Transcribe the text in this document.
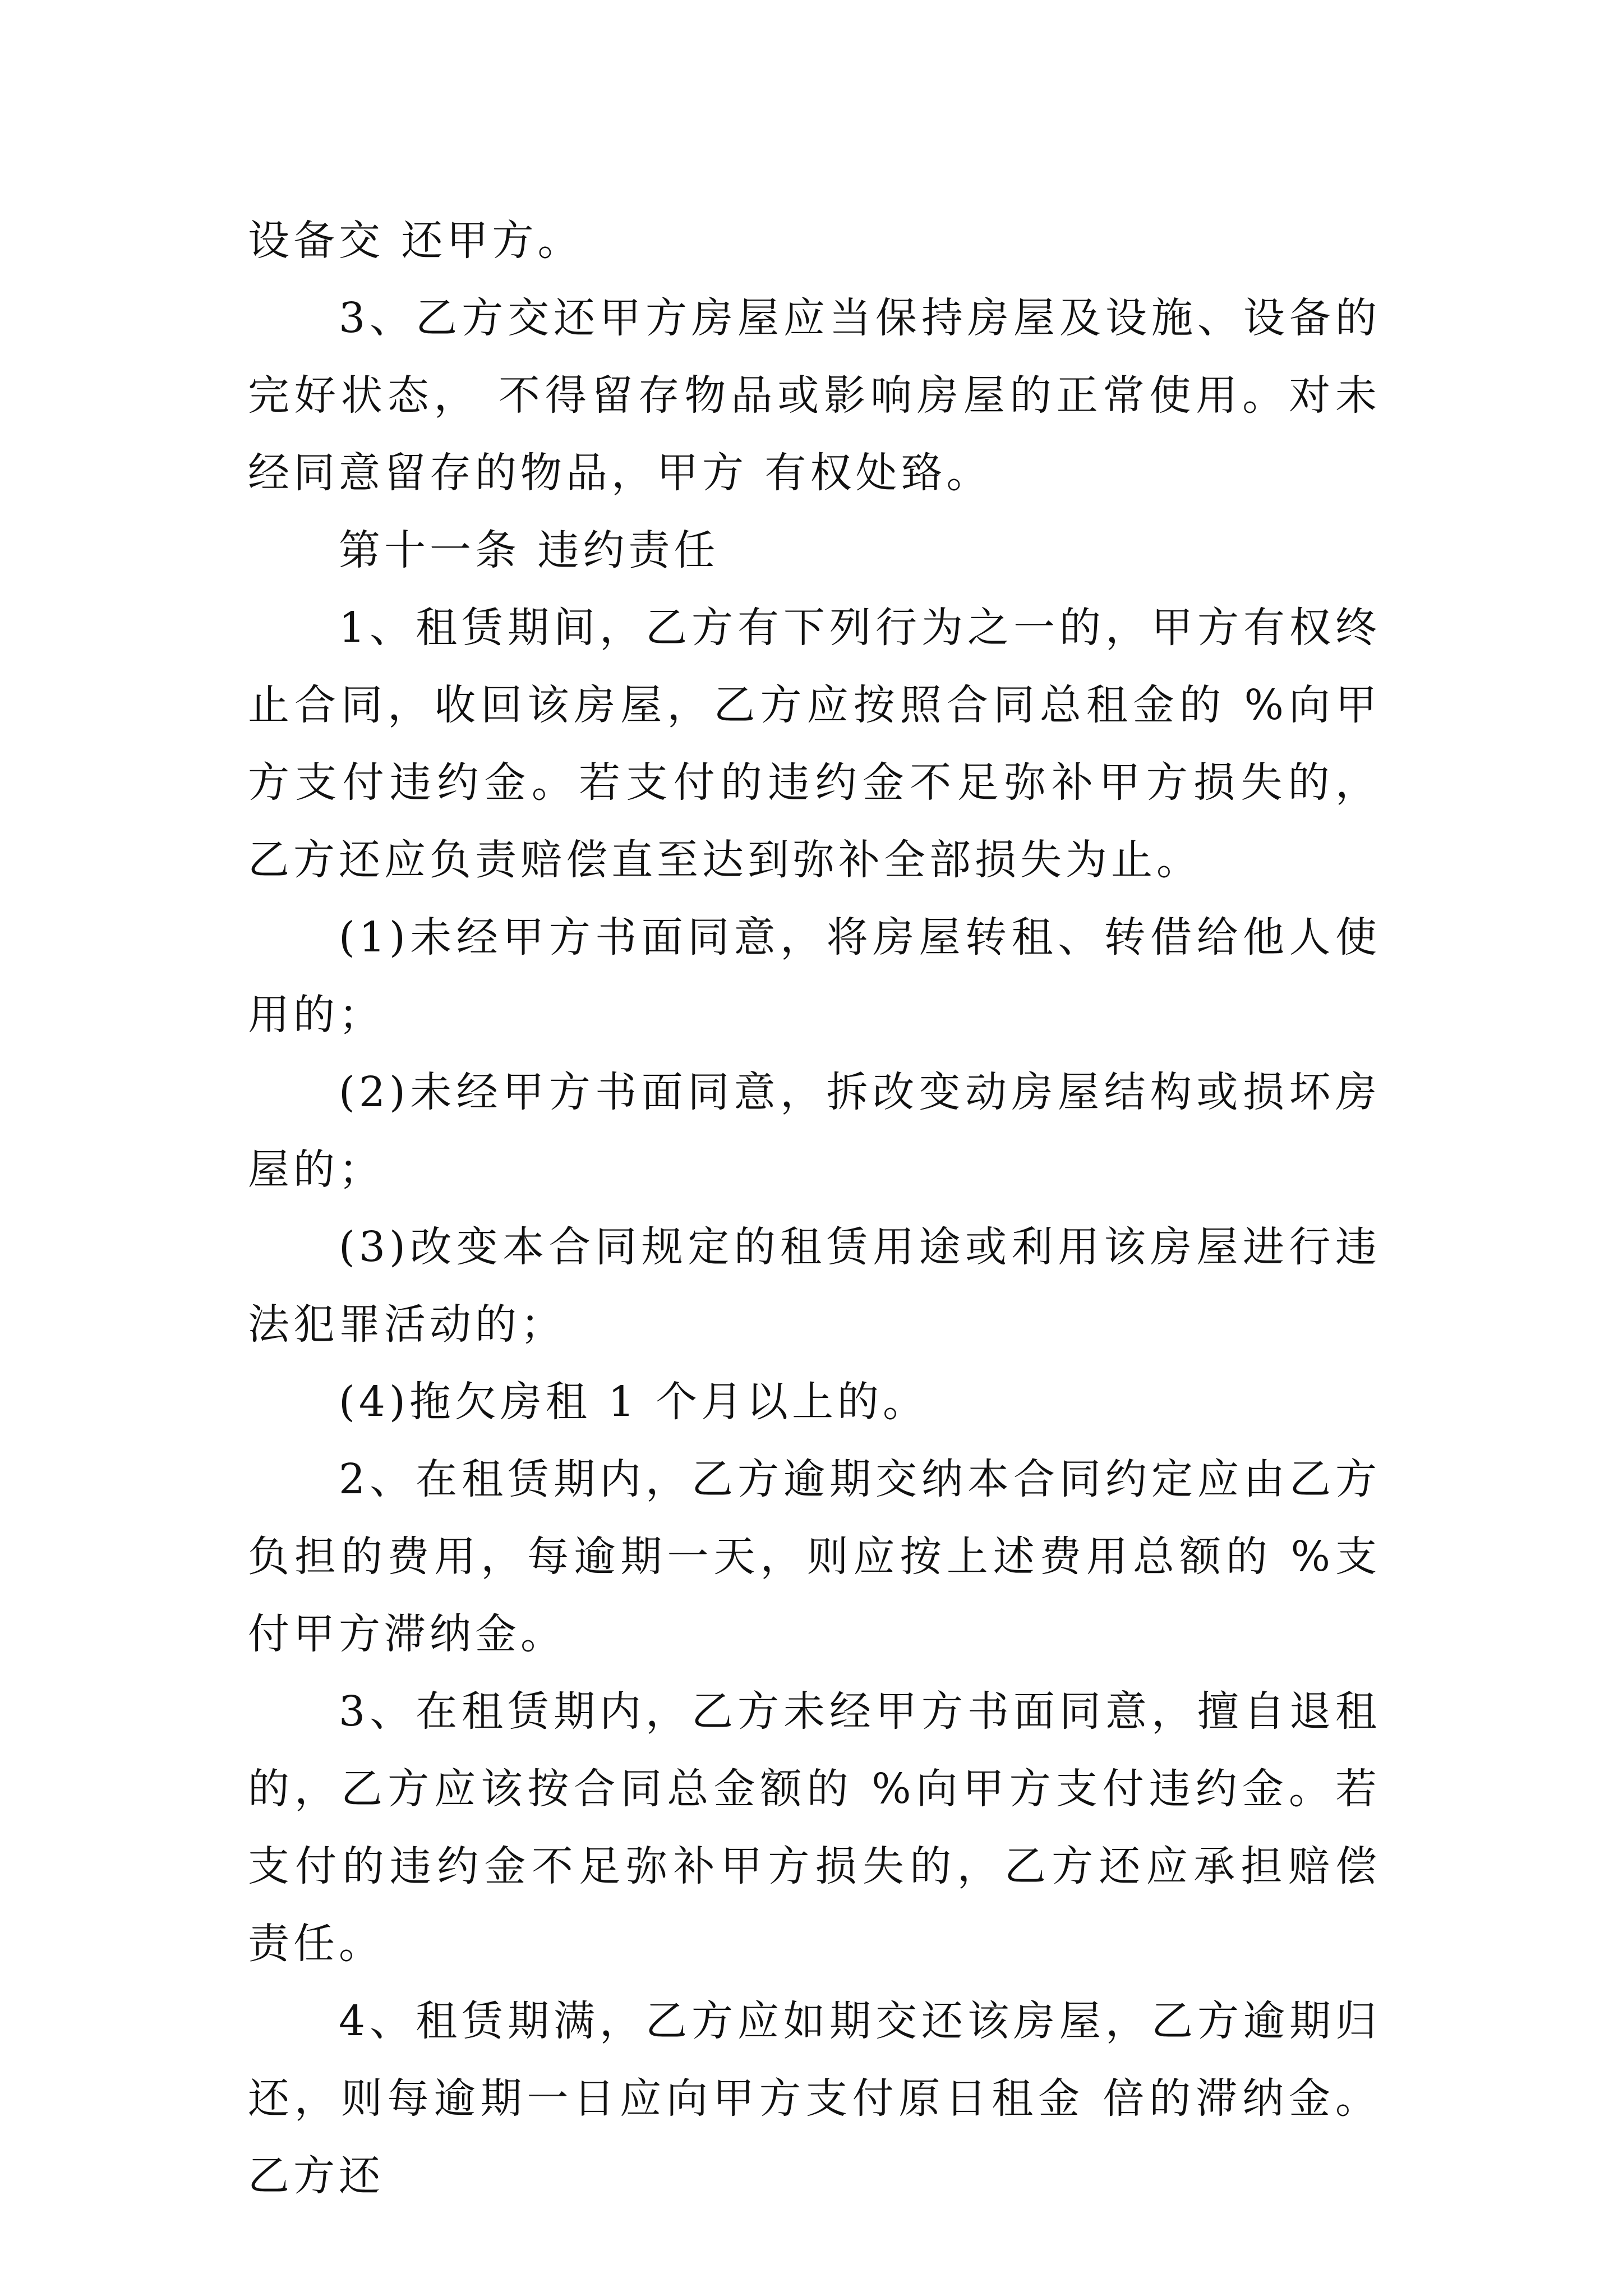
设备交 还甲方。

3、乙方交还甲方房屋应当保持房屋及设施、设备的完好状态， 不得留存物品或影响房屋的正常使用。对未经同意留存的物品，甲方 有权处臵。

第十一条 违约责任

1、租赁期间，乙方有下列行为之一的，甲方有权终止合同，收回该房屋，乙方应按照合同总租金的 %向甲方支付违约金。若支付的违约金不足弥补甲方损失的，乙方还应负责赔偿直至达到弥补全部损失为止。

(1)未经甲方书面同意，将房屋转租、转借给他人使用的；

(2)未经甲方书面同意，拆改变动房屋结构或损坏房屋的；

(3)改变本合同规定的租赁用途或利用该房屋进行违法犯罪活动的；

(4)拖欠房租 1 个月以上的。

2、在租赁期内，乙方逾期交纳本合同约定应由乙方负担的费用，每逾期一天，则应按上述费用总额的 %支付甲方滞纳金。

3、在租赁期内，乙方未经甲方书面同意，擅自退租的，乙方应该按合同总金额的 %向甲方支付违约金。若支付的违约金不足弥补甲方损失的，乙方还应承担赔偿责任。

4、租赁期满，乙方应如期交还该房屋，乙方逾期归还，则每逾期一日应向甲方支付原日租金 倍的滞纳金。乙方还
